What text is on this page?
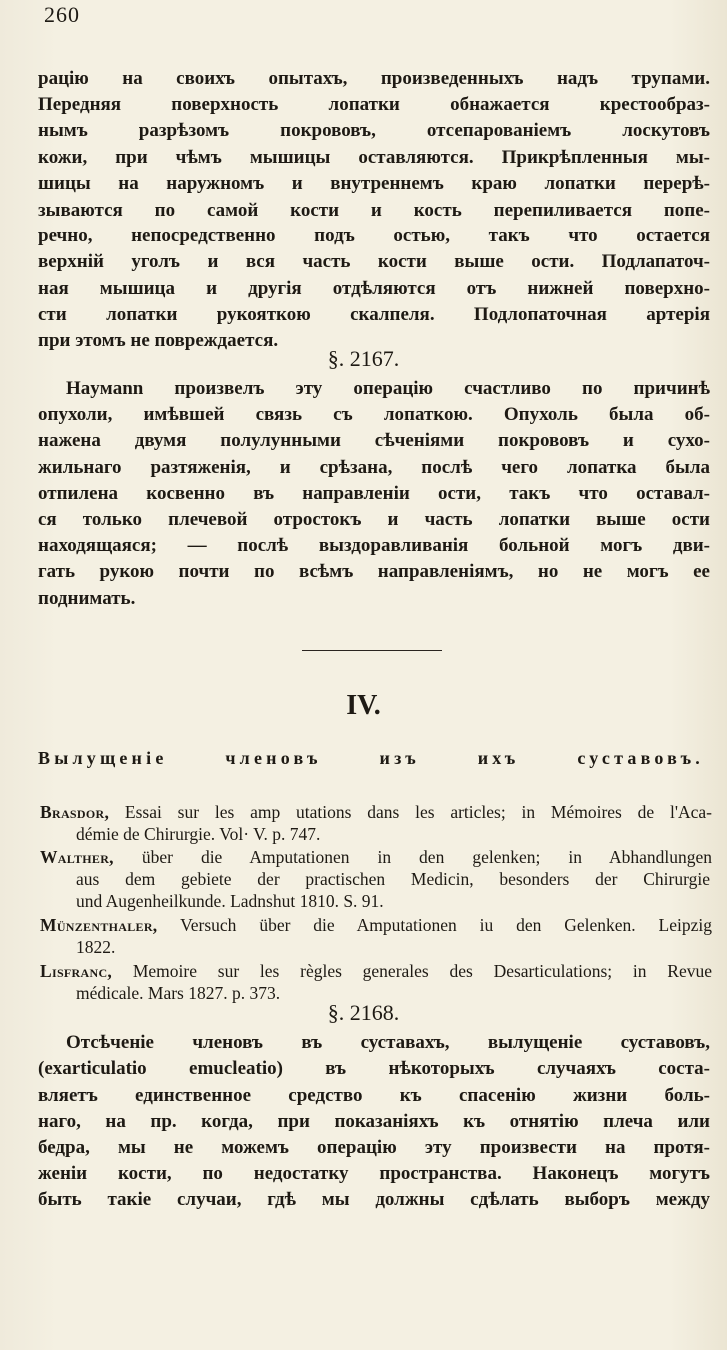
260
рацію на своихъ опытахъ, произведенныхъ надъ трупами.
Передняя поверхность лопатки обнажается крестообраз-
нымъ разрѣзомъ покрововъ, отсепарованіемъ лоскутовъ
кожи, при чѣмъ мышицы оставляются. Прикрѣпленныя мы-
шицы на наружномъ и внутреннемъ краю лопатки перерѣ-
зываются по самой кости и кость перепиливается попе-
речно, непосредственно подъ остью, такъ что остается
верхній уголъ и вся часть кости выше ости. Подлапаточ-
ная мышица и другія отдѣляются отъ нижней поверхно-
сти лопатки рукояткою скалпеля. Подлопаточная артерія
при этомъ не повреждается.
§. 2167.
Hayмann произвелъ эту операцію счастливо по причинѣ
опухоли, имѣвшей связь съ лопаткою. Опухоль была об-
нажена двумя полулунными сѣченіями покрововъ и сухо-
жильнаго разтяженія, и срѣзана, послѣ чего лопатка была
отпилена косвенно въ направленіи ости, такъ что оставал-
ся только плечевой отростокъ и часть лопатки выше ости
находящаяся; — послѣ выздоравливанія больной могъ дви-
гать рукою почти по всѣмъ направленіямъ, но не могъ ее
поднимать.
IV.
Вылущеніе членовъ изъ ихъ суставовъ.
Brasdor, Essai sur les amp utations dans les articles; in Mémoires de l'Aca-
démie de Chirurgie. Vol· V. p. 747.
Walther, über die Amputationen in den gelenken; in Abhandlungen
aus dem gebiete der practischen Medicin, besonders der Chirurgie
und Augenheilkunde. Ladnshut 1810. S. 91.
Münzenthaler, Versuch über die Amputationen iu den Gelenken. Leipzig
1822.
Lisfranc, Memoire sur les règles generales des Desarticulations; in Revue
médicale. Mars 1827. p. 373.
§. 2168.
Отсѣченіе членовъ въ суставахъ, вылущеніе суставовъ,
(exarticulatio emucleatio) въ нѣкоторыхъ случаяхъ соста-
вляетъ единственное средство къ спасенію жизни боль-
наго, на пр. когда, при показаніяхъ къ отнятію плеча или
бедра, мы не можемъ операцію эту произвести на протя-
женіи кости, по недостатку пространства. Наконецъ могутъ
быть такіе случаи, гдѣ мы должны сдѣлать выборъ между
